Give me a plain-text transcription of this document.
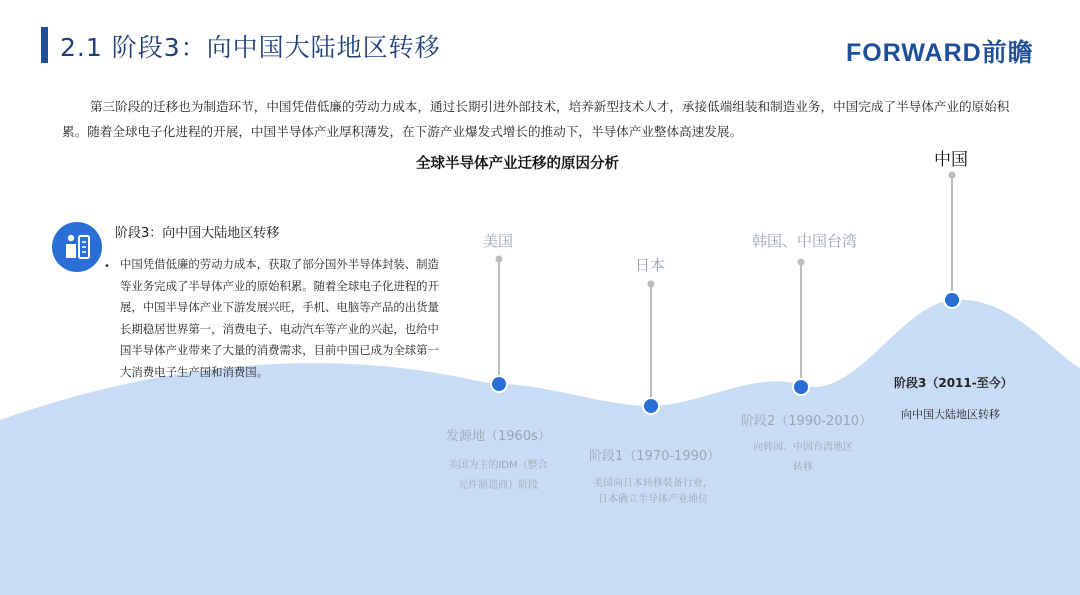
2.1 阶段3：向中国大陆地区转移	FORWARD前瞻
第三阶段的迁移也为制造环节，中国凭借低廉的劳动力成本，通过长期引进外部技术，培养新型技术人才，承接低端组装和制造业务，中国完成了半导体产业的原始积累。随着全球电子化进程的开展，中国半导体产业厚积薄发，在下游产业爆发式增长的推动下，半导体产业整体高速发展。
全球半导体产业迁移的原因分析
阶段3：向中国大陆地区转移
• 中国凭借低廉的劳动力成本，获取了部分国外半导体封装、制造等业务完成了半导体产业的原始积累。随着全球电子化进程的开展，中国半导体产业下游发展兴旺，手机、电脑等产品的出货量长期稳居世界第一，消费电子、电动汽车等产业的兴起，也给中国半导体产业带来了大量的消费需求，目前中国已成为全球第一大消费电子生产国和消费国。
美国
发源地（1960s）
美国为主的IDM（整合
元件制造商）阶段
日本
阶段1（1970-1990）
美国向日本转移装备行业，
日本确立半导体产业地位
韩国、中国台湾
阶段2（1990-2010）
向韩国、中国台湾地区
转移
中国
阶段3（2011-至今）
向中国大陆地区转移
